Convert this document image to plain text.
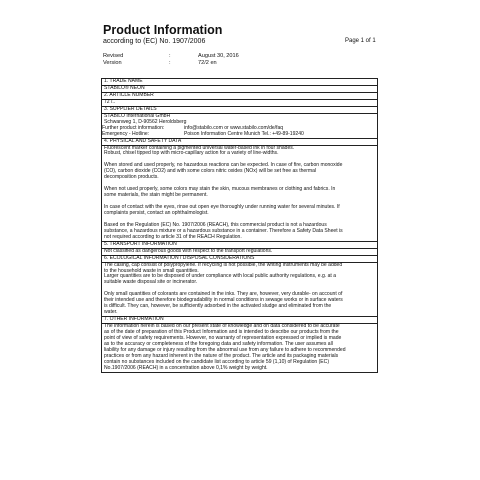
Product Information
according to (EC) No. 1907/2006	Page 1 of 1
Revised	:	August 30, 2016
Version	:	72/2 en
1. TRADE NAME
STABILO® NEON
2. ARTICLE NUMBER
72 /..
3. SUPPLIER DETAILS
STABILO International GmbH
Schwanweg 1, D-90562 Heroldsberg
Further product information:	info@stabilo.com or www.stabilo.com/de/faq
Emergency - Hotline:	Poison Information Centre Munich Tel.: +49-89-19240
4. PHYSICAL AND SAFETY DATA
Fluorescent marker containing a pigmented universal water-based ink in four shades.
Robust, chisel tipped top with micro-capillary action for a variety of line-widths.
When stored and used properly, no hazardous reactions can be expected. In case of fire, carbon monoxide
(CO), carbon dioxide (CO2) and with some colors nitric oxides (NOx) will be set free as thermal
decomposition products.
When not used properly, some colors may stain the skin, mucous membranes or clothing and fabrics. In
some materials, the stain might be permanent.
In case of contact with the eyes, rinse out open eye thoroughly under running water for several minutes. If
complaints persist, contact an ophthalmologist.
Based on the Regulation (EC) No. 1907/2006 (REACH), this commercial product is not a hazardous
substance, a hazardous mixture or a hazardous substance in a container. Therefore a Safety Data Sheet is
not required according to article 31 of the REACH Regulation.
5. TRANSPORT INFORMATION
Not classified as dangerous goods with respect to the transport regulations.
6. ECOLOGICAL INFORMATION / DISPOSAL CONSIDERATIONS
The casing, cap consist of polypropylene. If recycling is not possible, the writing instruments may be added
to the household waste in small quantities.
Larger quantities are to be disposed of under compliance with local public authority regulations, e.g. at a
suitable waste disposal site or incinerator.
Only small quantities of colorants are contained in the inks. They are, however, very durable- on account of
their intended use and therefore biodegradability in normal conditions in sewage works or in surface waters
is difficult. They can, however, be sufficiently adsorbed in the activated sludge and eliminated from the
water.
7. OTHER INFORMATION
The information herein is based on our present state of knowledge and on data considered to be accurate
as of the date of preparation of this Product Information and is intended to describe our products from the
point of view of safety requirements. However, no warranty of representation expressed or implied is made
as to the accuracy or completeness of the foregoing data and safety information. The user assumes all
liability for any damage or injury resulting from the abnormal use from any failure to adhere to recommended
practices or from any hazard inherent in the nature of the product. The article and its packaging materials
contain no substances included on the candidate list according to article 59 (1,10) of Regulation (EC)
No.1907/2006 (REACH) in a concentration above 0,1% weight by weight.
